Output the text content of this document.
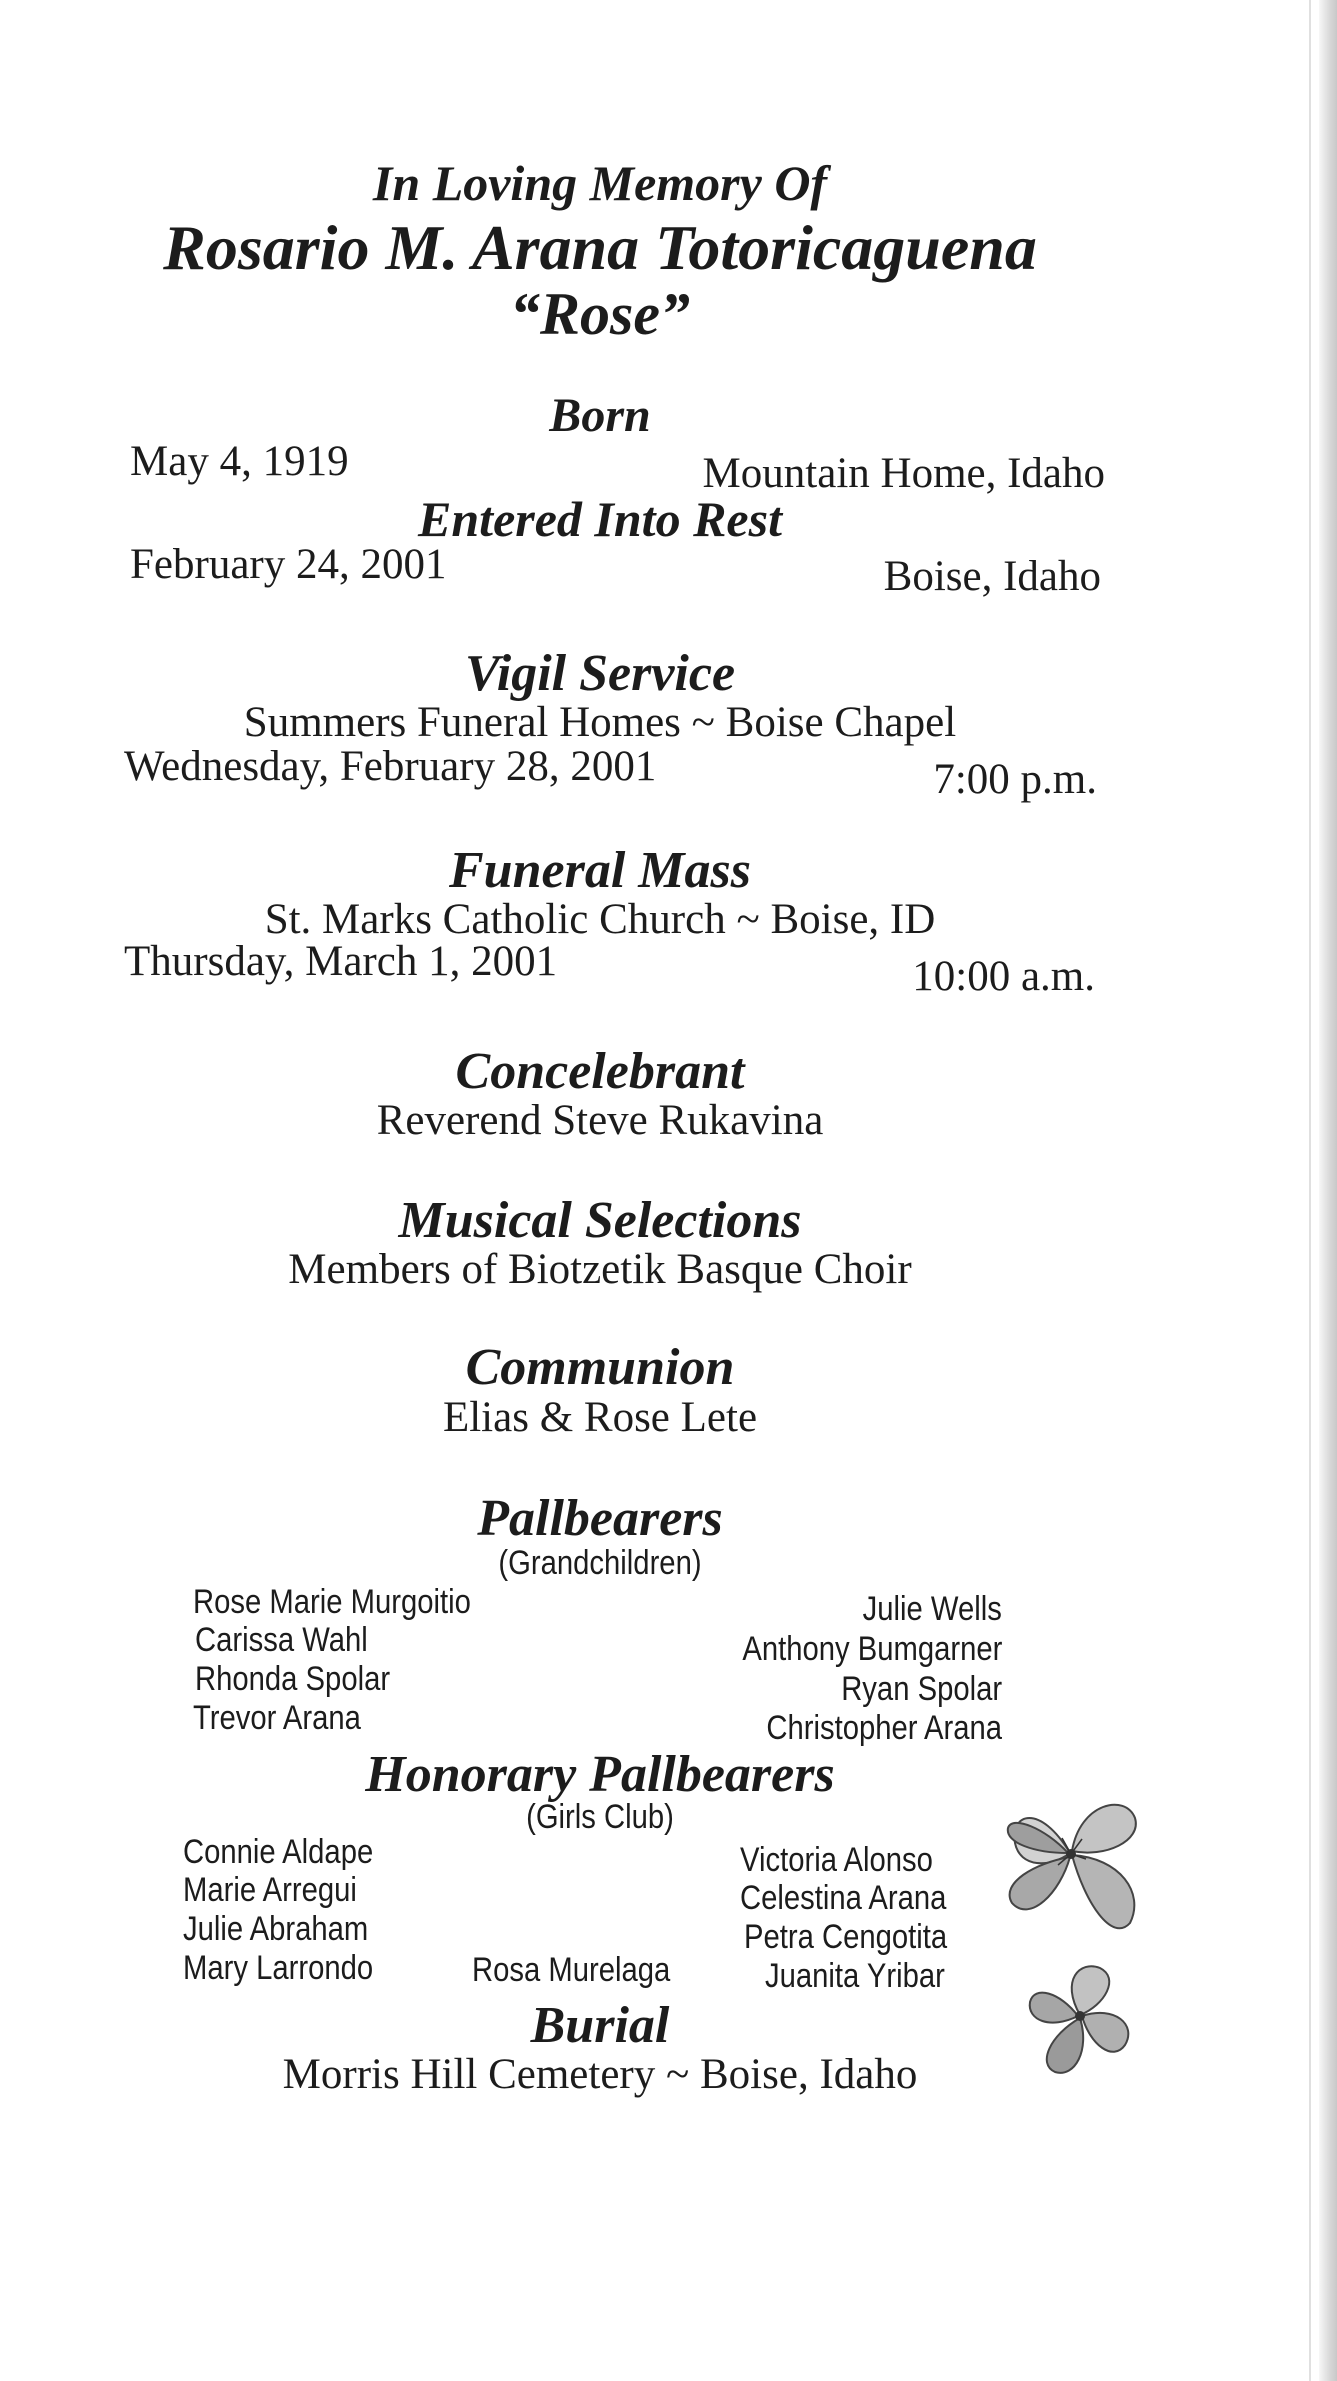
In Loving Memory Of
Rosario M. Arana Totoricaguena
“Rose”
Born
May 4, 1919	Mountain Home, Idaho
Entered Into Rest
February 24, 2001	Boise, Idaho
Vigil Service
Summers Funeral Homes ~ Boise Chapel
Wednesday, February 28, 2001	7:00 p.m.
Funeral Mass
St. Marks Catholic Church ~ Boise, ID
Thursday, March 1, 2001	10:00 a.m.
Concelebrant
Reverend Steve Rukavina
Musical Selections
Members of Biotzetik Basque Choir
Communion
Elias & Rose Lete
Pallbearers
(Grandchildren)
Rose Marie Murgoitio
Carissa Wahl
Rhonda Spolar
Trevor Arana
Julie Wells
Anthony Bumgarner
Ryan Spolar
Christopher Arana
Honorary Pallbearers
(Girls Club)
Connie Aldape
Marie Arregui
Julie Abraham
Mary Larrondo	Rosa Murelaga
Victoria Alonso
Celestina Arana
Petra Cengotita
Juanita Yribar
Burial
Morris Hill Cemetery ~ Boise, Idaho
